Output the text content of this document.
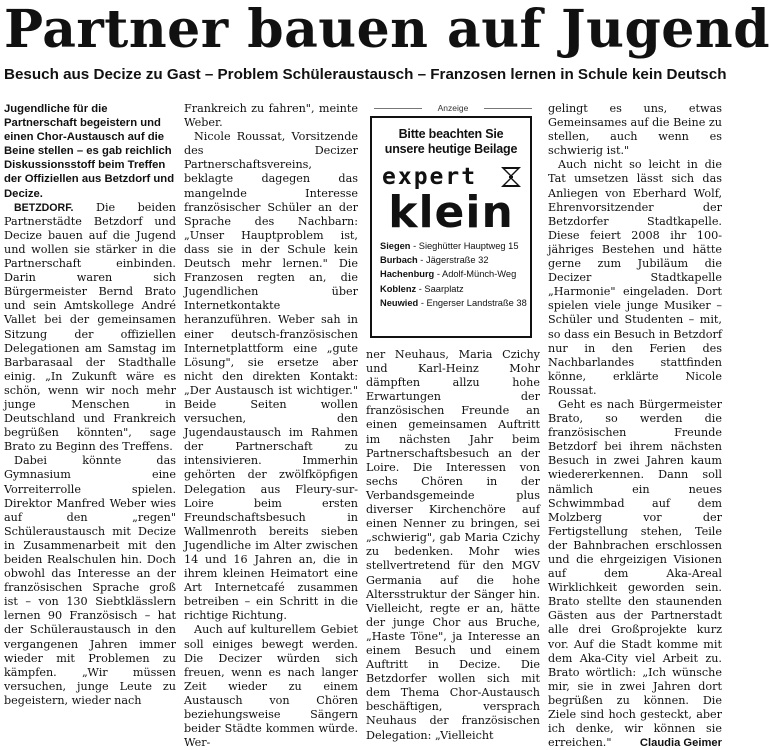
Partner bauen auf Jugend
Besuch aus Decize zu Gast – Problem Schüleraustausch – Franzosen lernen in Schule kein Deutsch

Jugendliche für die Partnerschaft begeistern und einen Chor-Austausch auf die Beine stellen – es gab reichlich Diskussionsstoff beim Treffen der Offiziellen aus Betzdorf und Decize.

BETZDORF. Die beiden Partnerstädte Betzdorf und Decize bauen auf die Jugend und wollen sie stärker in die Partnerschaft einbinden. Darin waren sich Bürgermeister Bernd Brato und sein Amtskollege André Vallet bei der gemeinsamen Sitzung der offiziellen Delegationen am Samstag im Barbarasaal der Stadthalle einig. „In Zukunft wäre es schön, wenn wir noch mehr junge Menschen in Deutschland und Frankreich begrüßen könnten", sage Brato zu Beginn des Treffens.

Dabei könnte das Gymnasium eine Vorreiterrolle spielen. Direktor Manfred Weber wies auf den „regen" Schüleraustausch mit Decize in Zusammenarbeit mit den beiden Realschulen hin. Doch obwohl das Interesse an der französischen Sprache groß ist – von 130 Siebtklässlern lernen 90 Französisch – hat der Schüleraustausch in den vergangenen Jahren immer wieder mit Problemen zu kämpfen. „Wir müssen versuchen, junge Leute zu begeistern, wieder nach

Frankreich zu fahren", meinte Weber.

Nicole Roussat, Vorsitzende des Decizer Partnerschaftsvereins, beklagte dagegen das mangelnde Interesse französischer Schüler an der Sprache des Nachbarn: „Unser Hauptproblem ist, dass sie in der Schule kein Deutsch mehr lernen." Die Franzosen regten an, die Jugendlichen über Internetkontakte heranzuführen. Weber sah in einer deutsch-französischen Internetplattform eine „gute Lösung", sie ersetze aber nicht den direkten Kontakt: „Der Austausch ist wichtiger." Beide Seiten wollen versuchen, den Jugendaustausch im Rahmen der Partnerschaft zu intensivieren. Immerhin gehörten der zwölfköpfigen Delegation aus Fleury-sur-Loire beim ersten Freundschaftsbesuch in Wallmenroth bereits sieben Jugendliche im Alter zwischen 14 und 16 Jahren an, die in ihrem kleinen Heimatort eine Art Internetcafé zusammen betreiben – ein Schritt in die richtige Richtung.

Auch auf kulturellem Gebiet soll einiges bewegt werden. Die Decizer würden sich freuen, wenn es nach langer Zeit wieder zu einem Austausch von Chören beziehungsweise Sängern beider Städte kommen würde. Wer-

Anzeige
Bitte beachten Sie
unsere heutige Beilage
expert
klein
Siegen - Sieghütter Hauptweg 15
Burbach - Jägerstraße 32
Hachenburg - Adolf-Münch-Weg
Koblenz - Saarplatz
Neuwied - Engerser Landstraße 38

ner Neuhaus, Maria Czichy und Karl-Heinz Mohr dämpften allzu hohe Erwartungen der französischen Freunde an einen gemeinsamen Auftritt im nächsten Jahr beim Partnerschaftsbesuch an der Loire. Die Interessen von sechs Chören in der Verbandsgemeinde plus diverser Kirchenchöre auf einen Nenner zu bringen, sei „schwierig", gab Maria Czichy zu bedenken. Mohr wies stellvertretend für den MGV Germania auf die hohe Altersstruktur der Sänger hin. Vielleicht, regte er an, hätte der junge Chor aus Bruche, „Haste Töne", ja Interesse an einem Besuch und einem Auftritt in Decize. Die Betzdorfer wollen sich mit dem Thema Chor-Austausch beschäftigen, versprach Neuhaus der französischen Delegation: „Vielleicht

gelingt es uns, etwas Gemeinsames auf die Beine zu stellen, auch wenn es schwierig ist."

Auch nicht so leicht in die Tat umsetzen lässt sich das Anliegen von Eberhard Wolf, Ehrenvorsitzender der Betzdorfer Stadtkapelle. Diese feiert 2008 ihr 100-jähriges Bestehen und hätte gerne zum Jubiläum die Decizer Stadtkapelle „Harmonie" eingeladen. Dort spielen viele junge Musiker – Schüler und Studenten – mit, so dass ein Besuch in Betzdorf nur in den Ferien des Nachbarlandes stattfinden könne, erklärte Nicole Roussat.

Geht es nach Bürgermeister Brato, so werden die französischen Freunde Betzdorf bei ihrem nächsten Besuch in zwei Jahren kaum wiedererkennen. Dann soll nämlich ein neues Schwimmbad auf dem Molzberg vor der Fertigstellung stehen, Teile der Bahnbrachen erschlossen und die ehrgeizigen Visionen auf dem Aka-Areal Wirklichkeit geworden sein. Brato stellte den staunenden Gästen aus der Partnerstadt alle drei Großprojekte kurz vor. Auf die Stadt komme mit dem Aka-City viel Arbeit zu. Brato wörtlich: „Ich wünsche mir, sie in zwei Jahren dort begrüßen zu können. Die Ziele sind hoch gesteckt, aber ich denke, wir können sie erreichen."	Claudia Geimer
